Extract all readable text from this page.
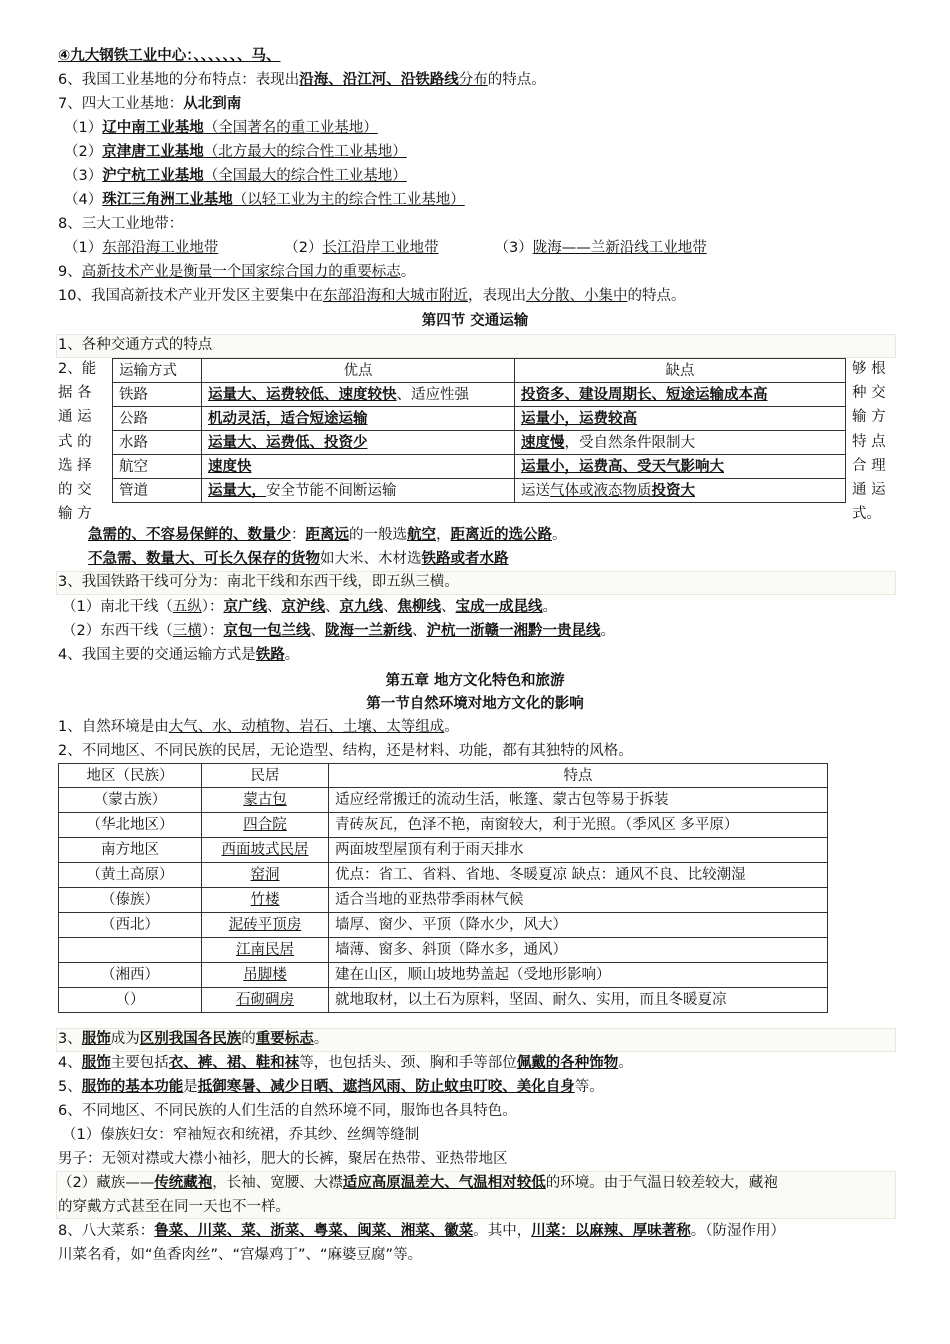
④九大钢铁工业中心：、、、、、、、马、
6、我国工业基地的分布特点：表现出沿海、沿江河、沿铁路线分布的特点。
7、四大工业基地：从北到南
（1）辽中南工业基地（全国著名的重工业基地）
（2）京津唐工业基地（北方最大的综合性工业基地）
（3）沪宁杭工业基地（全国最大的综合性工业基地）
（4）珠江三角洲工业基地（以轻工业为主的综合性工业基地）
8、三大工业地带：
（1）东部沿海工业地带	（2）长江沿岸工业地带	（3）陇海——兰新沿线工业地带
9、高新技术产业是衡量一个国家综合国力的重要标志。
10、我国高新技术产业开发区主要集中在东部沿海和大城市附近，表现出大分散、小集中的特点。
第四节 交通运输
1、各种交通方式的特点
2、能
据 各
通 运
式 的
选 择
的 交
输 方
够 根
种 交
输 方
特 点
合 理
通 运
式。
运输方式	优点	缺点
铁路	运量大、运费较低、速度较快、适应性强	投资多、建设周期长、短途运输成本高
公路	机动灵活，适合短途运输	运量小，运费较高
水路	运量大、运费低、投资少	速度慢，受自然条件限制大
航空	速度快	运量小，运费高、受天气影响大
管道	运量大，安全节能不间断运输	运送气体或液态物质投资大
急需的、不容易保鲜的、数量少：距离远的一般选航空，距离近的选公路。
不急需、数量大、可长久保存的货物如大米、木材选铁路或者水路
3、我国铁路干线可分为：南北干线和东西干线，即五纵三横。
（1）南北干线（五纵）：京广线、京沪线、京九线、焦柳线、宝成一成昆线。
（2）东西干线（三横）：京包一包兰线、陇海一兰新线、沪杭一浙赣一湘黔一贵昆线。
4、我国主要的交通运输方式是铁路。
第五章 地方文化特色和旅游
第一节自然环境对地方文化的影响
1、自然环境是由大气、水、动植物、岩石、土壤、太等组成。
2、不同地区、不同民族的民居，无论造型、结构，还是材料、功能，都有其独特的风格。
地区（民族）	民居	特点
（蒙古族）	蒙古包	适应经常搬迁的流动生活，帐篷、蒙古包等易于拆装
（华北地区）	四合院	青砖灰瓦，色泽不艳，南窗较大，利于光照。（季风区 多平原）
南方地区	西面坡式民居	两面坡型屋顶有利于雨天排水
（黄土高原）	窑洞	优点：省工、省料、省地、冬暖夏凉 缺点：通风不良、比较潮湿
（傣族）	竹楼	适合当地的亚热带季雨林气候
（西北）	泥砖平顶房	墙厚、窗少、平顶（降水少，风大）
	江南民居	墙薄、窗多、斜顶（降水多，通风）
（湘西）	吊脚楼	建在山区，顺山坡地势盖起（受地形影响）
（）	石砌碉房	就地取材，以土石为原料，坚固、耐久、实用，而且冬暖夏凉
3、服饰成为区别我国各民族的重要标志。
4、服饰主要包括衣、裤、裙、鞋和袜等，也包括头、颈、胸和手等部位佩戴的各种饰物。
5、服饰的基本功能是抵御寒暑、减少日晒、遮挡风雨、防止蚊虫叮咬、美化自身等。
6、不同地区、不同民族的人们生活的自然环境不同，服饰也各具特色。
（1）傣族妇女：窄袖短衣和统裙，乔其纱、丝绸等缝制
男子：无领对襟或大襟小袖衫，肥大的长裤，聚居在热带、亚热带地区
（2）藏族——传统藏袍，长袖、宽腰、大襟适应高原温差大、气温相对较低的环境。由于气温日较差较大，藏袍
的穿戴方式甚至在同一天也不一样。
8、八大菜系：鲁菜、川菜、菜、浙菜、粤菜、闽菜、湘菜、徽菜。其中，川菜：以麻辣、厚味著称。（防湿作用）
川菜名肴，如“鱼香肉丝”、“宫爆鸡丁”、“麻婆豆腐”等。
